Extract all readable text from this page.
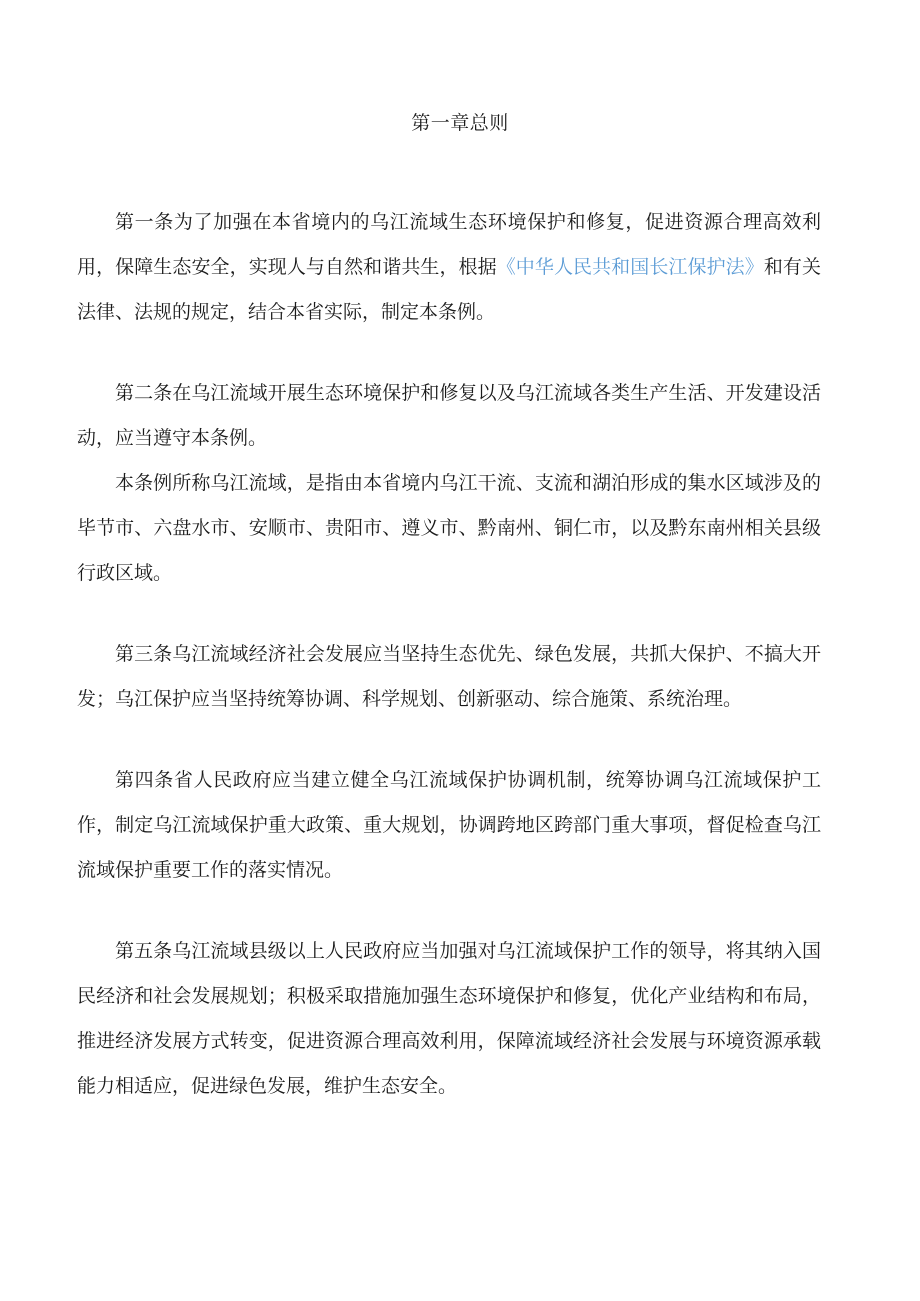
第一章总则

第一条为了加强在本省境内的乌江流域生态环境保护和修复，促进资源合理高效利用，保障生态安全，实现人与自然和谐共生，根据《中华人民共和国长江保护法》和有关法律、法规的规定，结合本省实际，制定本条例。

第二条在乌江流域开展生态环境保护和修复以及乌江流域各类生产生活、开发建设活动，应当遵守本条例。

本条例所称乌江流域，是指由本省境内乌江干流、支流和湖泊形成的集水区域涉及的毕节市、六盘水市、安顺市、贵阳市、遵义市、黔南州、铜仁市，以及黔东南州相关县级行政区域。

第三条乌江流域经济社会发展应当坚持生态优先、绿色发展，共抓大保护、不搞大开发；乌江保护应当坚持统筹协调、科学规划、创新驱动、综合施策、系统治理。

第四条省人民政府应当建立健全乌江流域保护协调机制，统筹协调乌江流域保护工作，制定乌江流域保护重大政策、重大规划，协调跨地区跨部门重大事项，督促检查乌江流域保护重要工作的落实情况。

第五条乌江流域县级以上人民政府应当加强对乌江流域保护工作的领导，将其纳入国民经济和社会发展规划；积极采取措施加强生态环境保护和修复，优化产业结构和布局，推进经济发展方式转变，促进资源合理高效利用，保障流域经济社会发展与环境资源承载能力相适应，促进绿色发展，维护生态安全。
